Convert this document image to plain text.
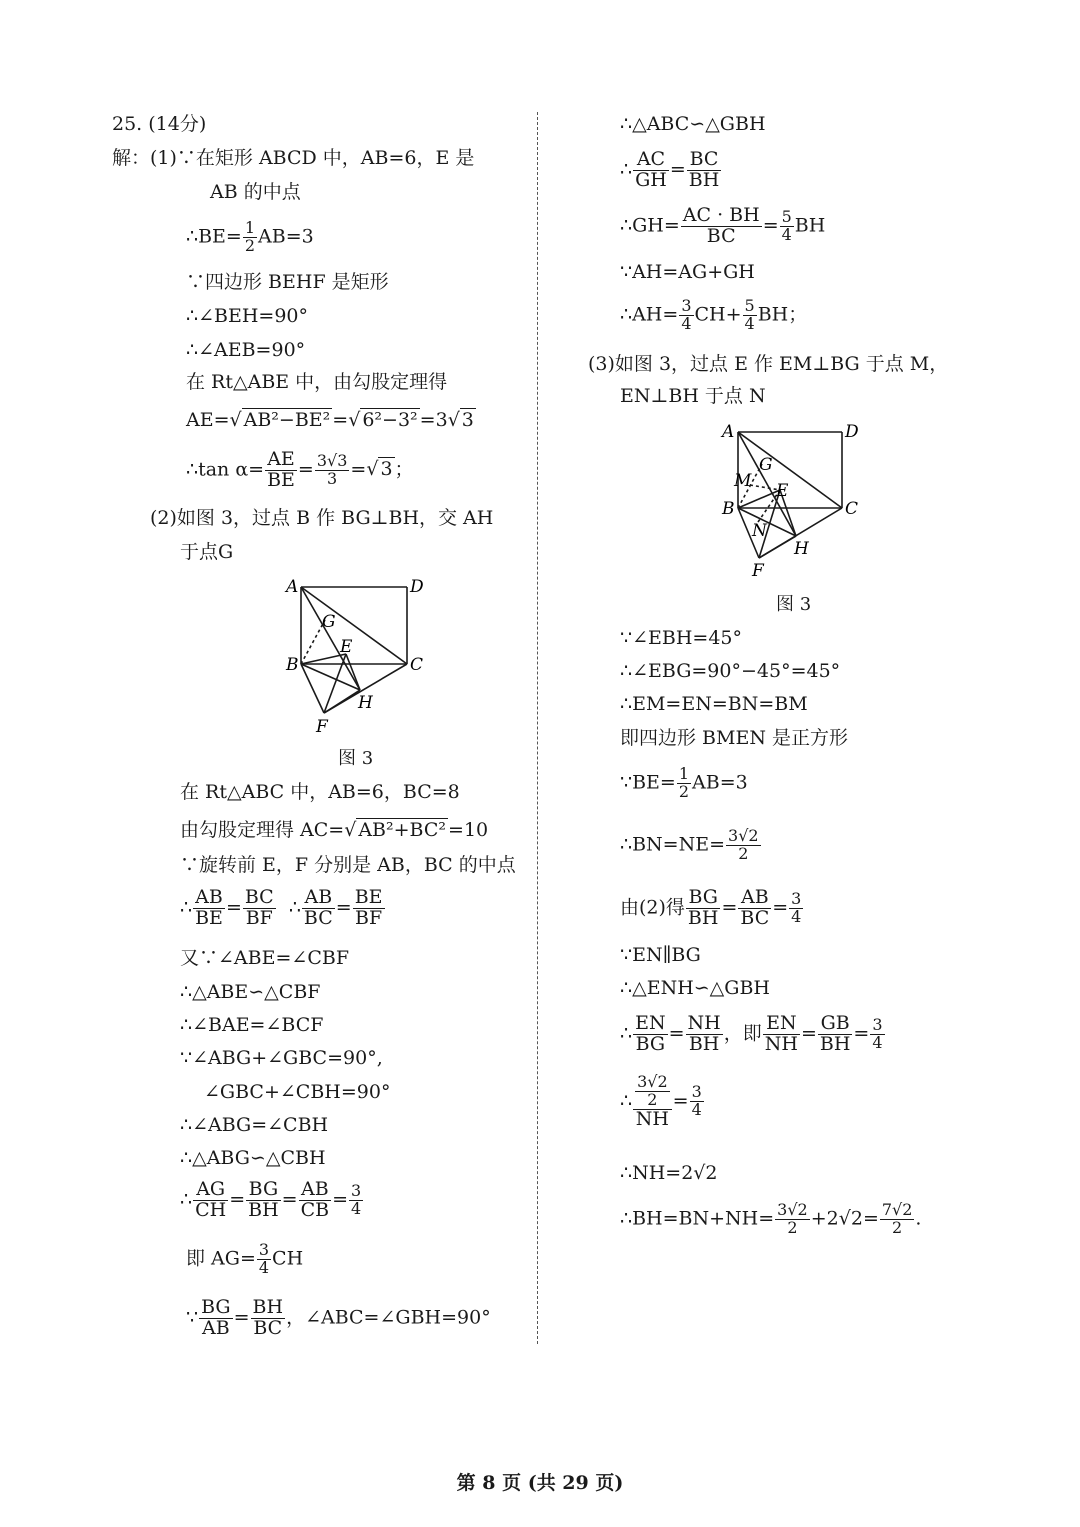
25. (14分)
解：(1)∵在矩形 ABCD 中，AB=6，E 是
AB 的中点
∴BE= $\frac{1}{2} AB=3$
∵四边形 BEHF 是矩形
∴∠BEH=90°
∴∠AEB=90°
在 Rt△ABE 中，由勾股定理得
AE=√ AB²−BE² =√ 6²−3² =3√ 3
∴tan $\alpha= \frac{AE}{BE} = \frac{3√3}{3}$ =√ 3 ；
(2)如图 3，过点 B 作 BG⊥BH，交 AH
于点G
A	D
B	C
G
E
H
F
图 3
在 Rt△ABC 中，AB=6，BC=8
由勾股定理得 AC=√ AB²+BC² =10
∵旋转前 E，F 分别是 AB，BC 的中点
∴ $\frac{AB}{BE} = \frac{BC}{BF}$ ∴ $\frac{AB}{BC} = \frac{BE}{BF}$
又∵∠ABE=∠CBF
∴△ABE∽△CBF
∴∠BAE=∠BCF
∵∠ABG+∠GBC=90°,
∠GBC+∠CBH=90°
∴∠ABG=∠CBH
∴△ABG∽△CBH
∴ $\frac{AG}{CH} = \frac{BG}{BH} = \frac{AB}{CB} = \frac{3}{4}$
即 $AG= \frac{3}{4}$ CH
∵ $\frac{BG}{AB} = \frac{BH}{BC}$ ，∠ABC=∠GBH=90°
∴△ABC∽△GBH
∴ $\frac{AC}{GH} = \frac{BC}{BH}$
∴GH= $\frac{AC \cdot BH}{BC} = \frac{5}{4}$ BH
∵AH=AG+GH
∴AH= $\frac{3}{4} CH+ \frac{5}{4}$ BH；
(3)如图 3，过点 E 作 EM⊥BG 于点 M，
EN⊥BH 于点 N
A	D
B	C
G
M E
N
H
F
图 3
∵∠EBH=45°
∴∠EBG=90°−45°=45°
∴EM=EN=BN=BM
即四边形 BMEN 是正方形
∵BE= $\frac{1}{2} AB=3$
∴BN=NE= $\frac{3√2}{2}$
由(2)得 $\frac{BG}{BH} = \frac{AB}{BC} = \frac{3}{4}$
∵EN∥BG
∴△ENH∽△GBH
∴ $\frac{EN}{BG} = \frac{NH}{BH}$ ，即 $\frac{EN}{NH} = \frac{GB}{BH} = \frac{3}{4}$
∴ $\frac{\frac{3√2}{2}}{NH} = \frac{3}{4}$
∴NH=2√2
∴BH=BN+NH= $\frac{3√2}{2} +2√2= \frac{7√2}{2}$ .
第 8 页 (共 29 页)
